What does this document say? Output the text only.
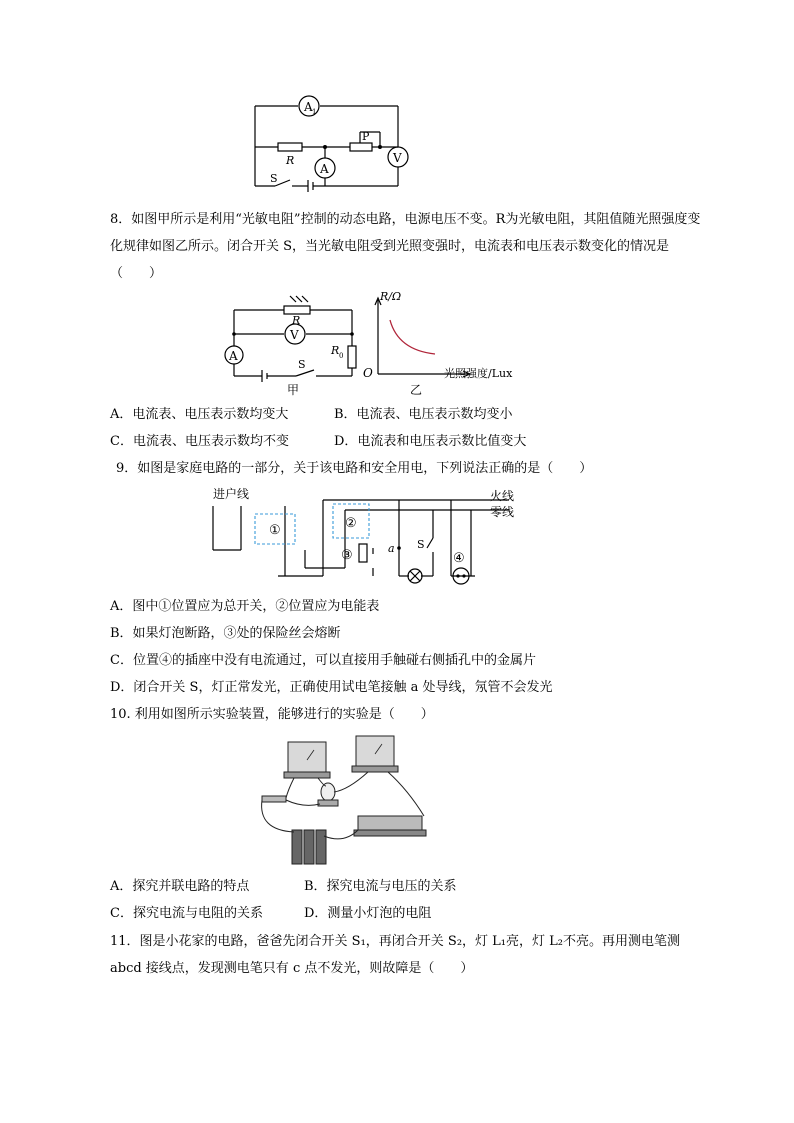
A 1
A
V
P
R
S
8．如图甲所示是利用“光敏电阻”控制的动态电路，电源电压不变。R为光敏电阻，其阻值随光照强度变化规律如图乙所示。闭合开关 S，当光敏电阻受到光照变强时，电流表和电压表示数变化的情况是（　　）
R
V
A	R 0
S
甲
R/Ω
光照强度/Lux
O
乙
A．电流表、电压表示数均变大	B．电流表、电压表示数均变小
C．电流表、电压表示数均不变	D．电流表和电压表示数比值变大
9．如图是家庭电路的一部分，关于该电路和安全用电，下列说法正确的是（　　）
进户线	火线
零线
①	②
③	④
a S
A．图中①位置应为总开关，②位置应为电能表
B．如果灯泡断路，③处的保险丝会熔断
C．位置④的插座中没有电流通过，可以直接用手触碰右侧插孔中的金属片
D．闭合开关 S，灯正常发光，正确使用试电笔接触 a 处导线，氖管不会发光
10. 利用如图所示实验装置，能够进行的实验是（　　）
A．探究并联电路的特点	B．探究电流与电压的关系
C．探究电流与电阻的关系	D．测量小灯泡的电阻
11．图是小花家的电路，爸爸先闭合开关 S₁，再闭合开关 S₂，灯 L₁亮，灯 L₂不亮。再用测电笔测 abcd 接线点，发现测电笔只有 c 点不发光，则故障是（　　）
